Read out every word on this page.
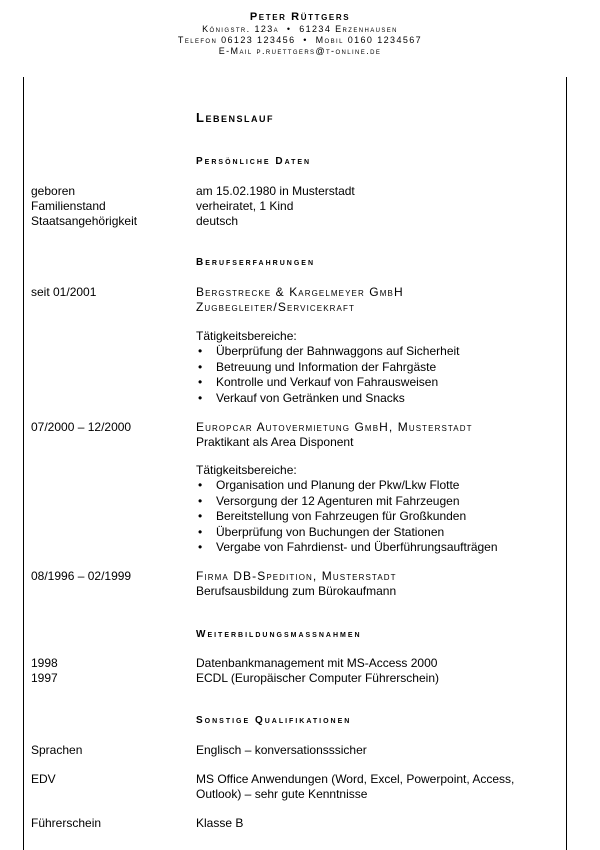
Peter Rüttgers
Königstr. 123a  •  61234 Erzenhausen
Telefon 06123 123456  •  Mobil 0160 1234567
E-Mail p.ruettgers@t-online.de
Lebenslauf
Persönliche Daten
geboren	am 15.02.1980 in Musterstadt
Familienstand	verheiratet, 1 Kind
Staatsangehörigkeit	deutsch
Berufserfahrungen
seit 01/2001	Bergstrecke & Kargelmeyer GmbH
Zugbegleiter/Servicekraft
Tätigkeitsbereiche:
• Überprüfung der Bahnwaggons auf Sicherheit
• Betreuung und Information der Fahrgäste
• Kontrolle und Verkauf von Fahrausweisen
• Verkauf von Getränken und Snacks
07/2000 – 12/2000	Europcar Autovermietung GmbH, Musterstadt
Praktikant als Area Disponent
Tätigkeitsbereiche:
• Organisation und Planung der Pkw/Lkw Flotte
• Versorgung der 12 Agenturen mit Fahrzeugen
• Bereitstellung von Fahrzeugen für Großkunden
• Überprüfung von Buchungen der Stationen
• Vergabe von Fahrdienst- und Überführungsaufträgen
08/1996 – 02/1999	Firma DB-Spedition, Musterstadt
Berufsausbildung zum Bürokaufmann
Weiterbildungsmassnahmen
1998	Datenbankmanagement mit MS-Access 2000
1997	ECDL (Europäischer Computer Führerschein)
Sonstige Qualifikationen
Sprachen	Englisch – konversationsssicher
EDV	MS Office Anwendungen (Word, Excel, Powerpoint, Access,
Outlook) – sehr gute Kenntnisse
Führerschein	Klasse B
